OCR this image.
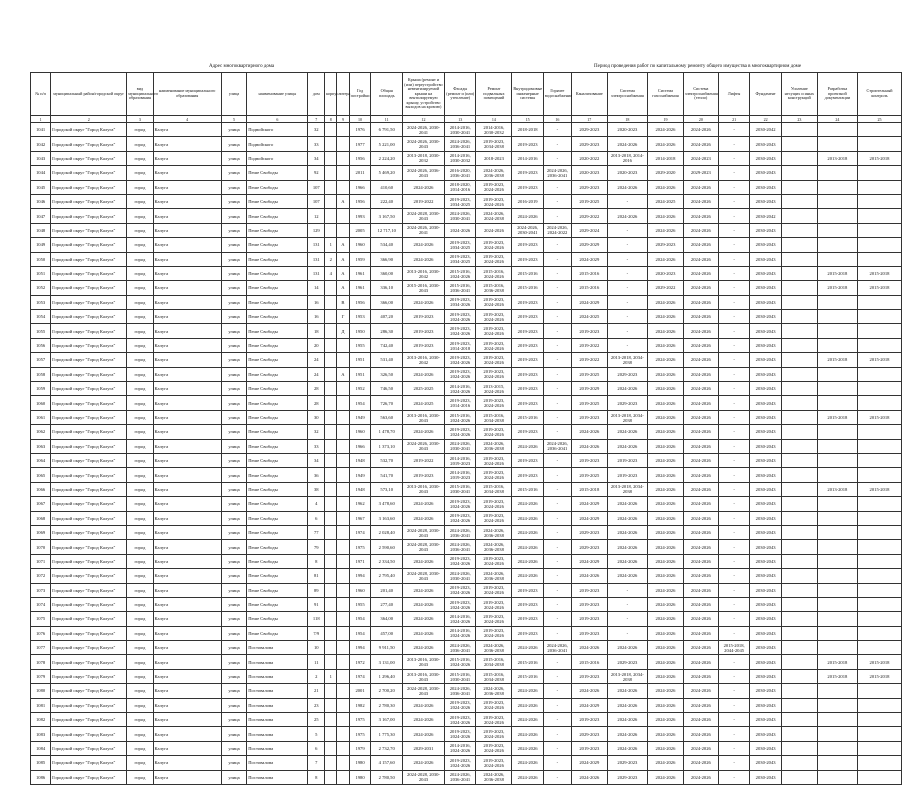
Адрес многоквартирного дома	Период проведения работ по капитальному ремонту общего имущества в многоквартирном доме
№ п/п	муниципальный район/городской округ	вид муниципального образования	наименование муниципального образования	улица	наименование улицы	дом	корпус	литера	Год постройки	Общая площадь	Крыша (ремонт и (или) переустройство невентилируемой крыши на вентилируемую крышу, устройство выходов на кровлю)	Фасады (ремонт и (или) утепление)	Ремонт подвальных помещений	Внутридомовые инженерные системы	Горячее водоснабжение	Канализование	Система электроснабжения	Система газоснабжения	Система электроснабжения (тепло)	Лифты	Фундамент	Усиление несущих и иных конструкций	Разработка проектной документации	Строительный контроль
1	2	3	4	5	6	7	8	9	10	11	12	13	14	15	16	17	18	19	20	21	22	23	24	25
1041	Городской округ "Город Калуга"	город	Калуга	улица	Подвойского	32			1976	6 791,50	2024-2026, 2030-2041	2014-2016, 2030-2041	2014-2016, 2030-2032	2018-2018	-	2029-2023	2020-2023	2024-2026	2024-2026	-	2030-2042			
1042	Городской округ "Город Калуга"	город	Калуга	улица	Подвойского	33			1977	5 221,00	2024-2026, 2030-2043	2024-2026, 2036-2041	2019-2023, 2034-2038	2019-2023	-	2029-2023	2024-2026	2024-2026	2024-2026	-	2030-2043			
1043	Городской округ "Город Калуга"	город	Калуга	улица	Подвойского	34			1956	2 224,20	2013-2018, 2030-2032	2014-2016, 2030-2032	2018-2023	2014-2016	-	2020-2022	2013-2018, 2014-2016	2014-2018	2024-2023	-	2030-2043		2013-2018	2015-2018
1044	Городской округ "Город Калуга"	город	Калуга	улица	Пеше Свободы	92			2011	5 469,20	2024-2026, 2036-2043	2016-2020, 2036-2041	2024-2026, 2036-2038	2019-2023	2024-2026, 2036-2041	2020-2023	2020-2023	2029-2020	2029-2023	-	2030-2043			
1045	Городской округ "Город Калуга"	город	Калуга	улица	Пеше Свободы	107			1966	410,60	2024-2026	2018-2020, 2014-2016	2019-2023, 2024-2026	2019-2023	-	2029-2023	2024-2026	2024-2026	2024-2026	-	2030-2043			
1046	Городской округ "Город Калуга"	город	Калуга	улица	Пеше Свободы	107		А	1956	222,40	2019-2022	2019-2023, 2034-2025	2019-2023, 2024-2026	2016-2019	-	2019-2025	-	2024-2025	2024-2026	-	2030-2043			
1047	Городской округ "Город Калуга"	город	Калуга	улица	Пеше Свободы	12			1993	3 167,50	2024-2028, 2030-2043	2024-2026, 2030-2041	2024-2026, 2024-2038	2024-2026	-	2029-2022	2024-2026	2024-2026	2024-2026	-	2030-2042			
1048	Городской округ "Город Калуга"	город	Калуга	улица	Пеше Свободы	129			2005	12 717,10	2024-2026, 2030-2041	2024-2026	2024-2026	2024-2026, 2030-2041	2024-2026, 2024-2022	2029-2024	-	2024-2026	2024-2026	-	2030-2043			
1049	Городской округ "Город Калуга"	город	Калуга	улица	Пеше Свободы	131	1	А	1960	534,40	2024-2026	2019-2023, 2034-2025	2019-2023, 2024-2026	2019-2023	-	2029-2029	-	2029-2023	2024-2026	-	2030-2043			
1050	Городской округ "Город Калуга"	город	Калуга	улица	Пеше Свободы	131	2	А	1959	366,90	2024-2026	2019-2023, 2034-2025	2019-2023, 2024-2026	2019-2023	-	2024-2029	-	2024-2026	2024-2026	-	2030-2043			
1051	Городской округ "Город Калуга"	город	Калуга	улица	Пеше Свободы	131	4	А	1961	360,00	2013-2016, 2030-2042	2015-2016, 2024-2026	2015-2016, 2024-2026	2015-2016	-	2015-2016	-	2020-2023	2024-2026	-	2030-2043		2015-2018	2015-2018
1052	Городской округ "Город Калуга"	город	Калуга	улица	Пеше Свободы	14		А	1961	336,10	2015-2016, 2030-2043	2015-2016, 2036-2041	2015-2016, 2036-2038	2015-2016	-	2015-2016	-	2029-2022	2024-2026	-	2030-2043		2015-2018	2015-2018
1053	Городской округ "Город Калуга"	город	Калуга	улица	Пеше Свободы	16		В	1956	366,00	2024-2026	2019-2023, 2034-2026	2019-2023, 2024-2026	2019-2023	-	2024-2029	-	2024-2026	2024-2026	-	2030-2043			
1054	Городской округ "Город Калуга"	город	Калуга	улица	Пеше Свободы	16		Г	1953	407,20	2019-2023	2019-2023, 2024-2026	2019-2023, 2024-2026	2019-2023	-	2024-2025	-	2024-2026	2024-2026	-	2030-2043			
1055	Городской округ "Город Калуга"	город	Калуга	улица	Пеше Свободы	18		Д	1950	286,30	2019-2023	2019-2023, 2024-2026	2019-2023, 2024-2026	2019-2023	-	2019-2023	-	2024-2026	2024-2026	-	2030-2043			
1056	Городской округ "Город Калуга"	город	Калуга	улица	Пеше Свободы	20			1955	742,40	2019-2023	2019-2023, 2014-2018	2019-2023, 2024-2026	2019-2023	-	2019-2022	-	2024-2026	2024-2026	-	2030-2043			
1057	Городской округ "Город Калуга"	город	Калуга	улица	Пеше Свободы	24			1951	531,40	2013-2016, 2030-2042	2019-2023, 2024-2026	2019-2023, 2024-2026	2019-2023	-	2019-2022	2013-2018, 2034-2038	2024-2026	2024-2026	-	2030-2043		2015-2018	2015-2018
1058	Городской округ "Город Калуга"	город	Калуга	улица	Пеше Свободы	24		А	1951	326,50	2024-2026	2019-2023, 2024-2026	2019-2023, 2024-2026	2019-2023	-	2019-2025	2029-2023	2024-2026	2024-2026	-	2030-2043			
1059	Городской округ "Город Калуга"	город	Калуга	улица	Пеше Свободы	28			1952	746,50	2025-2025	2014-2016, 2024-2026	2013-2015, 2024-2026	2019-2023	-	2019-2029	2024-2026	2024-2026	2024-2026	-	2030-2043			
1060	Городской округ "Город Калуга"	город	Калуга	улица	Пеше Свободы	28			1954	726,70	2024-2025	2019-2023, 2014-2016	2019-2023, 2024-2026	2019-2023	-	2019-2025	2029-2023	2024-2026	2024-2026	-	2030-2043			
1061	Городской округ "Город Калуга"	город	Калуга	улица	Пеше Свободы	30			1949	563,60	2013-2016, 2030-2043	2015-2016, 2024-2026	2015-2016, 2034-2038	2015-2016	-	2019-2023	2013-2018, 2034-2038	2024-2026	2024-2026	-	2030-2043		2015-2018	2015-2018
1062	Городской округ "Город Калуга"	город	Калуга	улица	Пеше Свободы	32			1960	1 478,70	2024-2026	2019-2023, 2024-2026	2019-2023, 2024-2026	2019-2023	-	2024-2026	2024-2026	2024-2026	2024-2026	-	2030-2043			
1063	Городской округ "Город Калуга"	город	Калуга	улица	Пеше Свободы	33			1966	1 373,10	2024-2026, 2030-2043	2024-2026, 2030-2041	2024-2026, 2036-2038	2024-2026	2024-2026, 2036-2041	2024-2026	2024-2026	2024-2026	2024-2026	-	2030-2043			
1064	Городской округ "Город Калуга"	город	Калуга	улица	Пеше Свободы	34			1948	532,70	2019-2022	2014-2016, 2019-2023	2019-2023, 2024-2026	2019-2023	-	2019-2023	2019-2023	2024-2026	2024-2026	-	2030-2043			
1065	Городской округ "Город Калуга"	город	Калуга	улица	Пеше Свободы	36			1949	541,70	2019-2023	2014-2016, 2019-2023	2019-2023, 2024-2026	2019-2023	-	2019-2025	2019-2023	2024-2026	2024-2026	-	2030-2043			
1066	Городской округ "Город Калуга"	город	Калуга	улица	Пеше Свободы	38			1948	573,10	2013-2016, 2030-2043	2015-2016, 2030-2041	2015-2016, 2034-2038	2015-2016	-	2015-2018	2013-2018, 2034-2038	2024-2026	2024-2026	-	2030-2043		2013-2018	2015-2018
1067	Городской округ "Город Калуга"	город	Калуга	улица	Пеше Свободы	4			1962	3 478,60	2024-2026	2019-2023, 2024-2026	2019-2023, 2024-2026	2024-2026	-	2024-2029	2024-2026	2024-2026	2024-2026	-	2030-2043			
1068	Городской округ "Город Калуга"	город	Калуга	улица	Пеше Свободы	6			1967	3 163,60	2024-2026	2019-2023, 2024-2026	2019-2023, 2024-2026	2024-2026	-	2024-2029	2024-2026	2024-2026	2024-2026	-	2030-2043			
1069	Городской округ "Город Калуга"	город	Калуга	улица	Пеше Свободы	77			1974	2 028,40	2024-2028, 2030-2043	2024-2026, 2036-2041	2024-2026, 2036-2038	2024-2026	-	2029-2023	2024-2026	2024-2026	2024-2026	-	2030-2043			
1070	Городской округ "Город Калуга"	город	Калуга	улица	Пеше Свободы	79			1975	2 590,60	2024-2028, 2030-2043	2024-2026, 2036-2041	2024-2026, 2036-2038	2024-2026	-	2029-2023	2024-2026	2024-2026	2024-2026	-	2030-2043			
1071	Городской округ "Город Калуга"	город	Калуга	улица	Пеше Свободы	8			1971	2 334,50	2024-2026	2019-2023, 2024-2026	2019-2023, 2024-2026	2024-2026	-	2024-2029	2024-2026	2024-2026	2024-2026	-	2030-2043			
1072	Городской округ "Город Калуга"	город	Калуга	улица	Пеше Свободы	81			1994	2 795,40	2024-2028, 2030-2043	2024-2026, 2030-2041	2024-2026, 2036-2038	2024-2026	-	2024-2026	2024-2026	2024-2026	2024-2026	-	2030-2043			
1073	Городской округ "Город Калуга"	город	Калуга	улица	Пеше Свободы	89			1960	201,40	2024-2026	2019-2023, 2024-2026	2019-2023, 2024-2026	2019-2023	-	2019-2023	-	2024-2026	2024-2026	-	2030-2043			
1074	Городской округ "Город Калуга"	город	Калуга	улица	Пеше Свободы	91			1955	277,40	2024-2026	2019-2023, 2024-2026	2019-2023, 2024-2026	2019-2023	-	2019-2023	-	2024-2026	2024-2026	-	2030-2043			
1075	Городской округ "Город Калуга"	город	Калуга	улица	Пеше Свободы	118			1954	364,00	2024-2026	2014-2016, 2024-2026	2019-2023, 2024-2026	2019-2023	-	2019-2023	-	2024-2026	2024-2026	-	2030-2043			
1076	Городской округ "Город Калуга"	город	Калуга	улица	Пеше Свободы	7/9			1954	457,00	2024-2026	2014-2016, 2024-2026	2019-2023, 2024-2026	2019-2023	-	2019-2023	-	2024-2026	2024-2026	-	2030-2043			
1077	Городской округ "Город Калуга"	город	Калуга	улица	Постовалова	10			1994	9 911,50	2024-2026	2024-2026, 2036-2041	2024-2026, 2036-2038	2024-2026	2024-2026, 2036-2041	2024-2026	2024-2026	2024-2026	2024-2026	2015-2018, 2044-2045	2030-2043			
1078	Городской округ "Город Калуга"	город	Калуга	улица	Постовалова	11			1972	3 131,00	2013-2016, 2030-2043	2015-2016, 2024-2026	2015-2016, 2034-2038	2015-2016	-	2015-2016	2029-2023	2024-2026	2024-2026	-	2030-2043		2015-2018	2015-2018
1079	Городской округ "Город Калуга"	город	Калуга	улица	Постовалова	2	1		1974	1 296,40	2013-2016, 2030-2043	2015-2016, 2030-2041	2015-2016, 2034-2038	2015-2016	-	2019-2023	2013-2018, 2034-2038	2024-2026	2024-2026	-	2030-2043		2015-2018	2015-2018
1080	Городской округ "Город Калуга"	город	Калуга	улица	Постовалова	21			2001	2 700,20	2024-2028, 2030-2043	2024-2026, 2036-2041	2024-2026, 2036-2038	2024-2026	-	2024-2026	2024-2026	2024-2026	2024-2026	-	2030-2043			
1081	Городской округ "Город Калуга"	город	Калуга	улица	Постовалова	23			1982	2 780,30	2024-2026	2019-2023, 2024-2026	2019-2023, 2024-2026	2024-2026	-	2024-2029	2024-2026	2024-2026	2024-2026	-	2030-2043			
1082	Городской округ "Город Калуга"	город	Калуга	улица	Постовалова	25			1975	3 167,00	2024-2026	2019-2023, 2024-2026	2019-2023, 2024-2026	2024-2026	-	2019-2023	2024-2026	2024-2026	2024-2026	-	2030-2043			
1083	Городской округ "Город Калуга"	город	Калуга	улица	Постовалова	5			1975	1 775,30	2024-2026	2019-2023, 2024-2026	2019-2023, 2024-2026	2024-2026	-	2029-2023	2024-2026	2024-2026	2024-2026	-	2030-2043			
1084	Городской округ "Город Калуга"	город	Калуга	улица	Постовалова	6			1979	2 732,70	2029-2031	2014-2016, 2024-2026	2019-2023, 2024-2026	2024-2026	-	2019-2023	2024-2026	2024-2026	2024-2026	-	2030-2043			
1085	Городской округ "Город Калуга"	город	Калуга	улица	Постовалова	7			1980	4 157,60	2024-2026	2019-2023, 2024-2026	2019-2023, 2024-2026	2024-2026	-	2024-2029	2029-2023	2024-2026	2024-2026	-	2030-2043			
1086	Городской округ "Город Калуга"	город	Калуга	улица	Постовалова	8			1980	2 780,50	2024-2028, 2030-2043	2024-2026, 2036-2041	2024-2026, 2036-2038	2024-2026	-	2024-2026	2029-2023	2024-2026	2024-2026	-	2030-2043			
